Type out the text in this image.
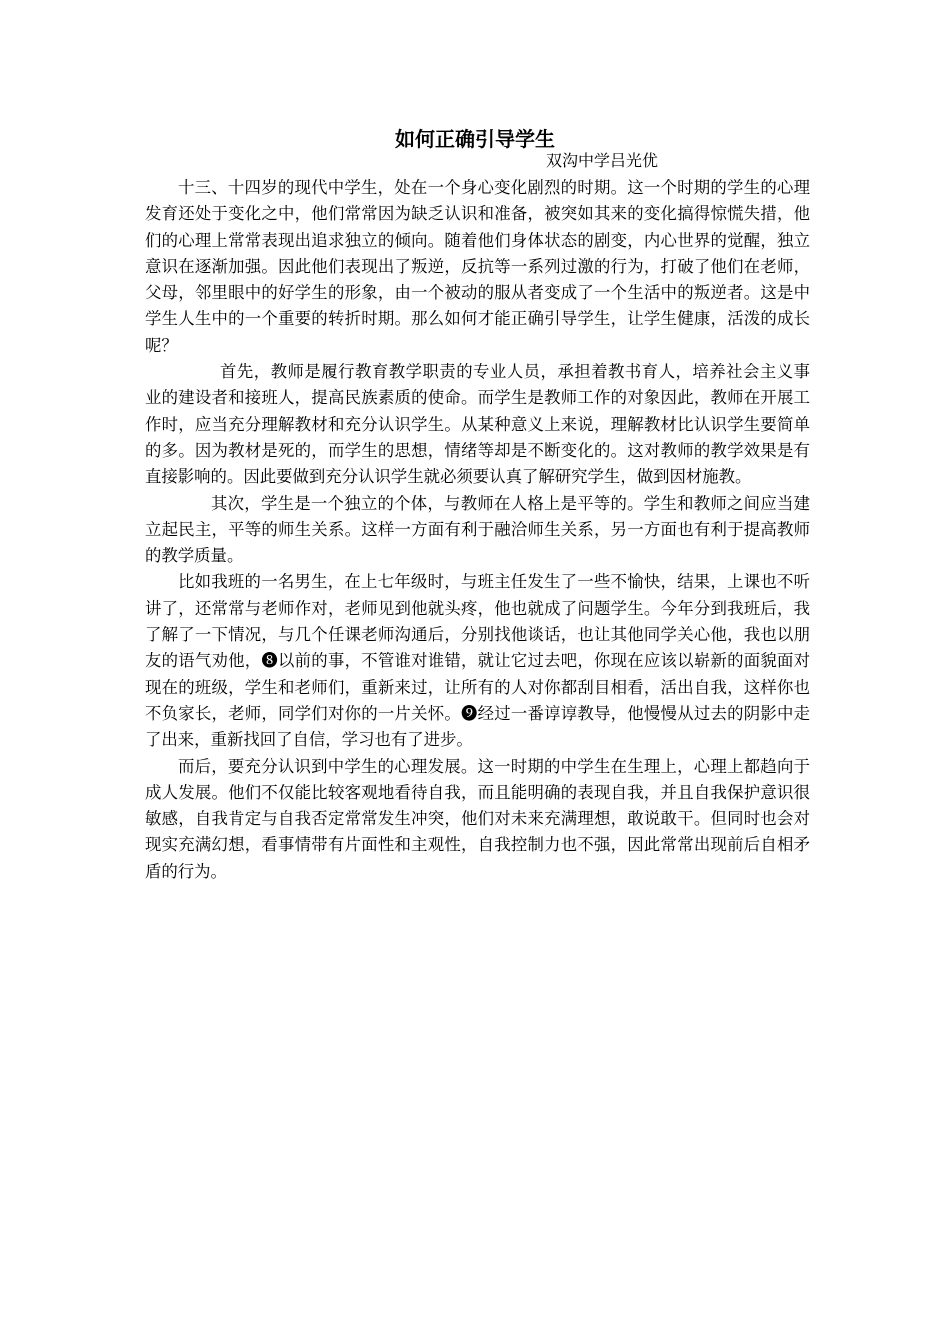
如何正确引导学生
双沟中学吕光优

十三、十四岁的现代中学生，处在一个身心变化剧烈的时期。这一个时期的学生的心理发育还处于变化之中，他们常常因为缺乏认识和准备，被突如其来的变化搞得惊慌失措，他们的心理上常常表现出追求独立的倾向。随着他们身体状态的剧变，内心世界的觉醒，独立意识在逐渐加强。因此他们表现出了叛逆，反抗等一系列过激的行为，打破了他们在老师，父母，邻里眼中的好学生的形象，由一个被动的服从者变成了一个生活中的叛逆者。这是中学生人生中的一个重要的转折时期。那么如何才能正确引导学生，让学生健康，活泼的成长呢？

首先，教师是履行教育教学职责的专业人员，承担着教书育人，培养社会主义事业的建设者和接班人，提高民族素质的使命。而学生是教师工作的对象因此，教师在开展工作时，应当充分理解教材和充分认识学生。从某种意义上来说，理解教材比认识学生要简单的多。因为教材是死的，而学生的思想，情绪等却是不断变化的。这对教师的教学效果是有直接影响的。因此要做到充分认识学生就必须要认真了解研究学生，做到因材施教。

其次，学生是一个独立的个体，与教师在人格上是平等的。学生和教师之间应当建立起民主，平等的师生关系。这样一方面有利于融洽师生关系，另一方面也有利于提高教师的教学质量。

比如我班的一名男生，在上七年级时，与班主任发生了一些不愉快，结果，上课也不听讲了，还常常与老师作对，老师见到他就头疼，他也就成了问题学生。今年分到我班后，我了解了一下情况，与几个任课老师沟通后，分别找他谈话，也让其他同学关心他，我也以朋友的语气劝他，❽以前的事，不管谁对谁错，就让它过去吧，你现在应该以崭新的面貌面对现在的班级，学生和老师们，重新来过，让所有的人对你都刮目相看，活出自我，这样你也不负家长，老师，同学们对你的一片关怀。❾经过一番谆谆教导，他慢慢从过去的阴影中走了出来，重新找回了自信，学习也有了进步。

而后，要充分认识到中学生的心理发展。这一时期的中学生在生理上，心理上都趋向于成人发展。他们不仅能比较客观地看待自我，而且能明确的表现自我，并且自我保护意识很敏感，自我肯定与自我否定常常发生冲突，他们对未来充满理想，敢说敢干。但同时也会对现实充满幻想，看事情带有片面性和主观性，自我控制力也不强，因此常常出现前后自相矛盾的行为。
